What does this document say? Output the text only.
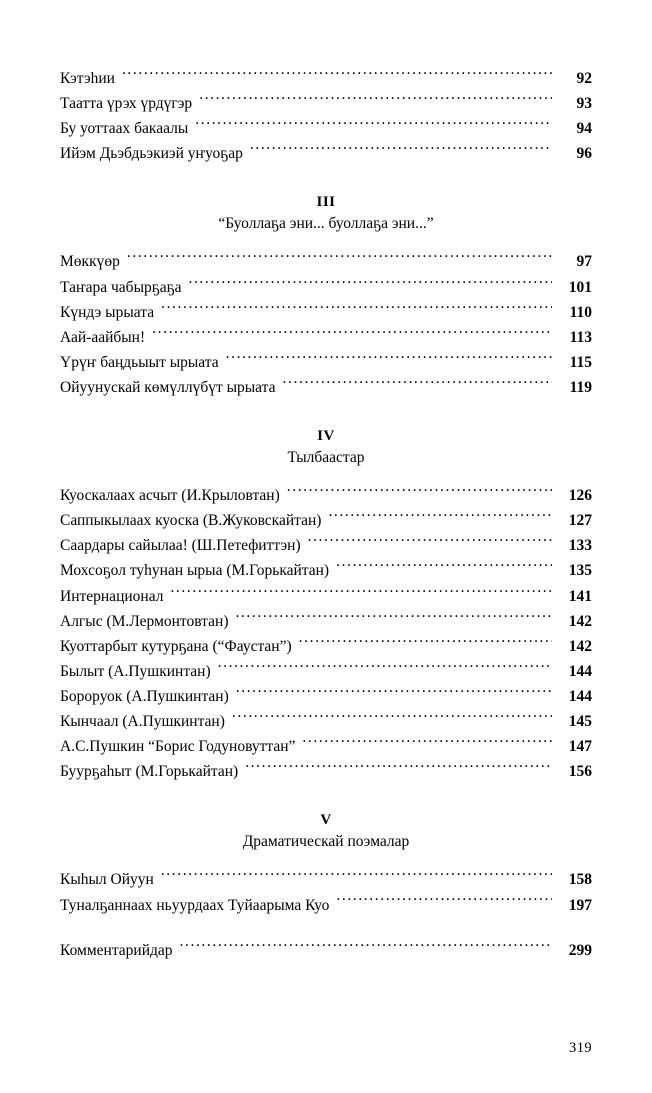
Кэтэһии .....	92
Таатта үрэх үрдүгэр .....	93
Бу уоттаах бакаалы .....	94
Ийэм Дьэбдьэкиэй уҥуоҕар .....	96
III
“Буоллаҕа эни... буоллаҕа эни...”
Мөккүөр .....	97
Таҥара чабырҕаҕа .....	101
Күндэ ырыата .....	110
Аай-аайбын! .....	113
Үрүҥ баӊдьыыт ырыата .....	115
Ойуунускай көмүллүбүт ырыата .....	119
IV
Тылбаастар
Куоскалаах асчыт (И.Крыловтан) .....	126
Саппыкылаах куоска (В.Жуковскайтан) .....	127
Саардары сайылаа! (Ш.Петефиттэн) .....	133
Мохсоҕол туһунан ырыа (М.Горькайтан) .....	135
Интернационал .....	141
Алгыс (М.Лермонтовтан) .....	142
Куоттарбыт кутурҕана (“Фаустан”) .....	142
Былыт (А.Пушкинтан) .....	144
Бороруок (А.Пушкинтан) .....	144
Кынчаал (А.Пушкинтан) .....	145
А.С.Пушкин “Борис Годуновуттан” .....	147
Буурҕаһыт (М.Горькайтан) .....	156
V
Драматическай поэмалар
Кыһыл Ойуун .....	158
Туналҕаннаах ньуурдаах Туйаарыма Куо .....	197
Комментарийдар .....	299
319
